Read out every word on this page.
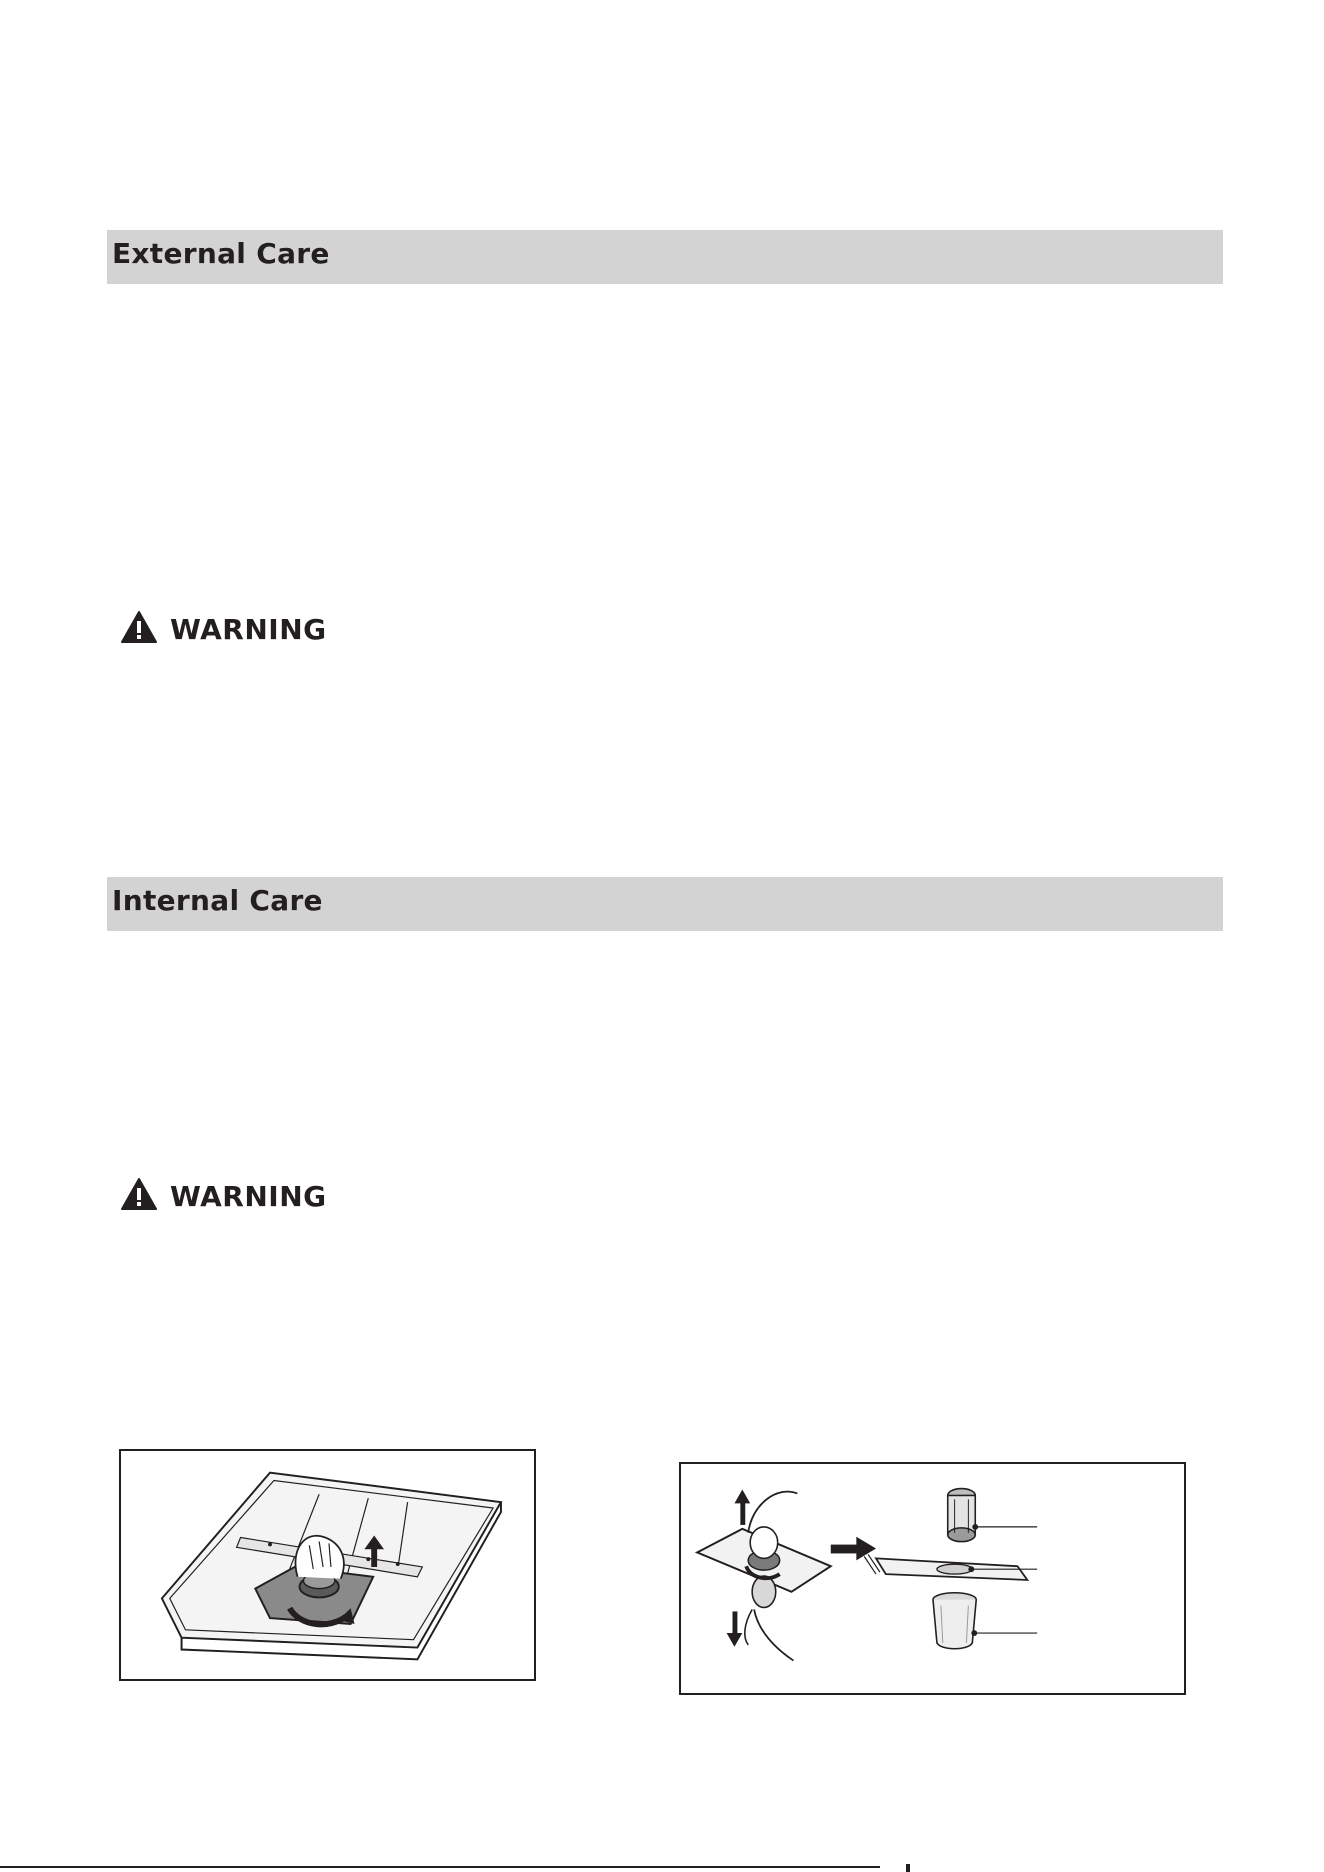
External Care
WARNING
Internal Care
WARNING
